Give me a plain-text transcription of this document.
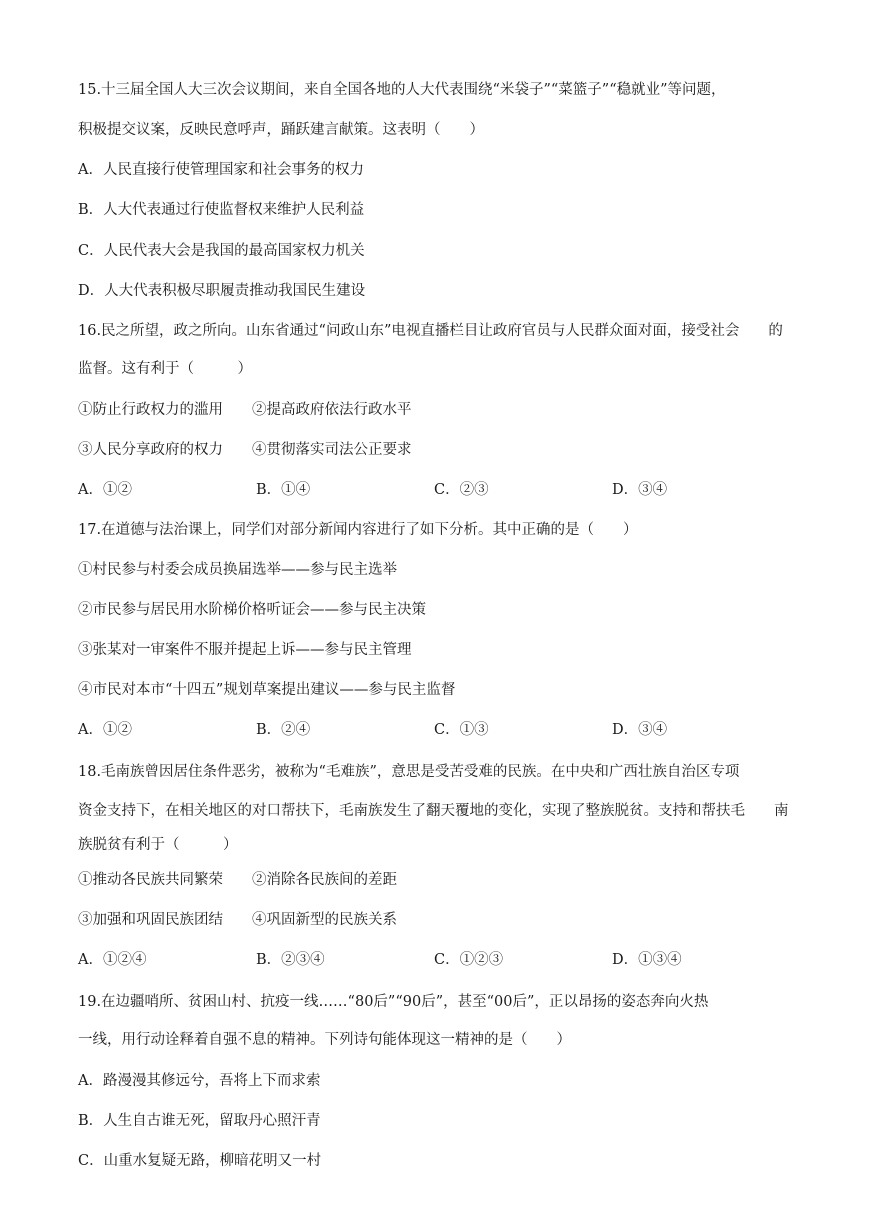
15.十三届全国人大三次会议期间，来自全国各地的人大代表围绕“米袋子”“菜篮子”“稳就业”等问题，
积极提交议案，反映民意呼声，踊跃建言献策。这表明（　　）
A．人民直接行使管理国家和社会事务的权力
B．人大代表通过行使监督权来维护人民利益
C．人民代表大会是我国的最高国家权力机关
D．人大代表积极尽职履责推动我国民生建设
16.民之所望，政之所向。山东省通过“问政山东”电视直播栏目让政府官员与人民群众面对面，接受社会　　的
监督。这有利于（　　　）
①防止行政权力的滥用　　②提高政府依法行政水平
③人民分享政府的权力　　④贯彻落实司法公正要求
A．①②	B．①④	C．②③	D．③④
17.在道德与法治课上，同学们对部分新闻内容进行了如下分析。其中正确的是（　　）
①村民参与村委会成员换届选举——参与民主选举
②市民参与居民用水阶梯价格听证会——参与民主决策
③张某对一审案件不服并提起上诉——参与民主管理
④市民对本市“十四五”规划草案提出建议——参与民主监督
A．①②	B．②④	C．①③	D．③④
18.毛南族曾因居住条件恶劣，被称为“毛难族”，意思是受苦受难的民族。在中央和广西壮族自治区专项
资金支持下，在相关地区的对口帮扶下，毛南族发生了翻天覆地的变化，实现了整族脱贫。支持和帮扶毛　　南
族脱贫有利于（　　　）
①推动各民族共同繁荣　　②消除各民族间的差距
③加强和巩固民族团结　　④巩固新型的民族关系
A．①②④	B．②③④	C．①②③	D．①③④
19.在边疆哨所、贫困山村、抗疫一线……“80后”“90后”，甚至“00后”，正以昂扬的姿态奔向火热
一线，用行动诠释着自强不息的精神。下列诗句能体现这一精神的是（　　）
A．路漫漫其修远兮，吾将上下而求索
B．人生自古谁无死，留取丹心照汗青
C．山重水复疑无路，柳暗花明又一村
